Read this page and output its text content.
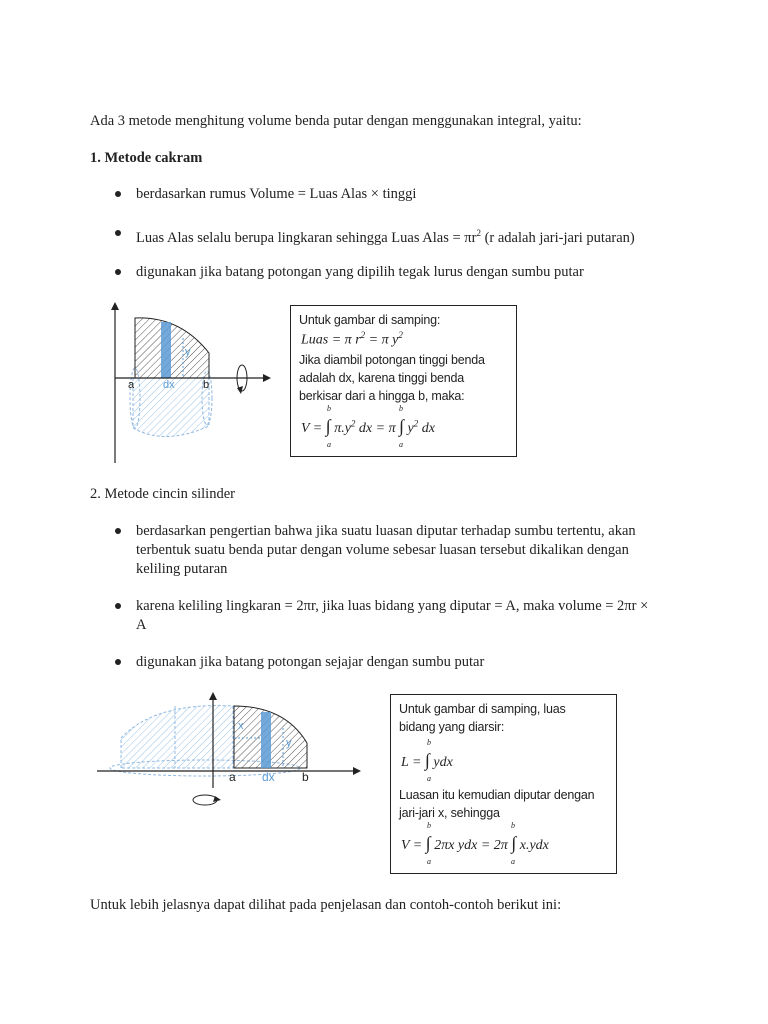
Ada 3 metode menghitung volume benda putar dengan menggunakan integral, yaitu:
1. Metode cakram
berdasarkan rumus Volume = Luas Alas × tinggi
Luas Alas selalu berupa lingkaran sehingga Luas Alas = $\pi r^2$ (r adalah jari-jari putaran)
digunakan jika batang potongan yang dipilih tegak lurus dengan sumbu putar
a	dx	b
y
Untuk gambar di samping:
Luas = π $r^2 = \pi$ $y^2$
Jika diambil potongan tinggi benda
adalah dx, karena tinggi benda
berkisar dari a hingga b, maka:
V = ∫ $\pi.y^2$ dx = π ∫ $y^2$ dx
b
a
b
a
2. Metode cincin silinder
berdasarkan pengertian bahwa jika suatu luasan diputar terhadap sumbu tertentu, akan
terbentuk suatu benda putar dengan volume sebesar luasan tersebut dikalikan dengan
keliling putaran
karena keliling lingkaran = 2πr, jika luas bidang yang diputar = A, maka volume = 2πr ×
A
digunakan jika batang potongan sejajar dengan sumbu putar
a dx b
x
y
Untuk gambar di samping, luas
bidang yang diarsir:
L = ∫ ydx
b
a
Luasan itu kemudian diputar dengan
jari-jari x, sehingga
V = ∫ 2πx ydx = 2π ∫ x.ydx
b
a
b
a
Untuk lebih jelasnya dapat dilihat pada penjelasan dan contoh-contoh berikut ini:
